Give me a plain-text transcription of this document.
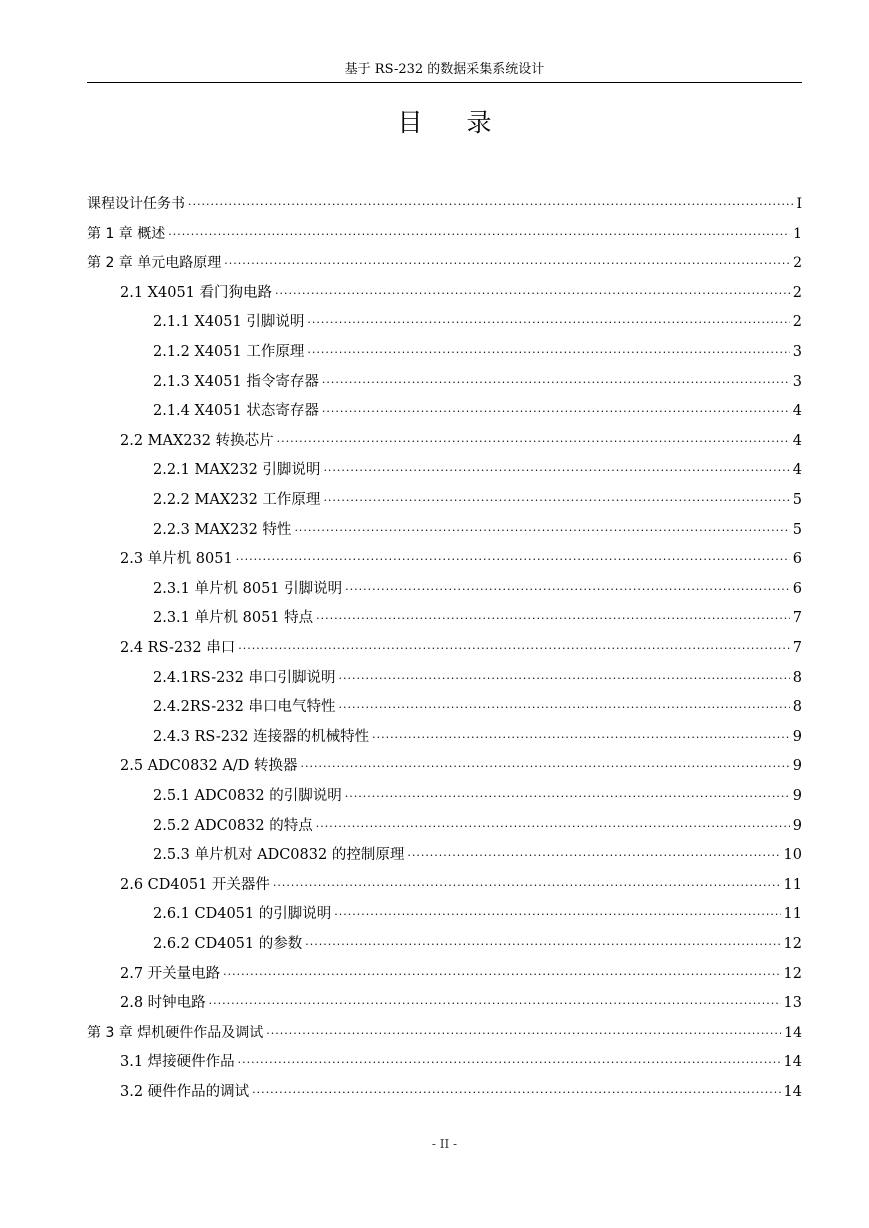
基于 RS-232 的数据采集系统设计
目录
课程设计任务书 ·····	I
第 1 章 概述 ·····	1
第 2 章 单元电路原理 ·····	2
2.1 X4051 看门狗电路 ·····	2
2.1.1 X4051 引脚说明 ·····	2
2.1.2 X4051 工作原理 ·····	3
2.1.3 X4051 指令寄存器 ·····	3
2.1.4 X4051 状态寄存器 ·····	4
2.2 MAX232 转换芯片 ·····	4
2.2.1 MAX232 引脚说明 ·····	4
2.2.2 MAX232 工作原理 ·····	5
2.2.3 MAX232 特性 ·····	5
2.3 单片机 8051 ·····	6
2.3.1 单片机 8051 引脚说明 ·····	6
2.3.1 单片机 8051 特点 ·····	7
2.4 RS-232 串口 ·····	7
2.4.1RS-232 串口引脚说明 ·····	8
2.4.2RS-232 串口电气特性 ·····	8
2.4.3 RS-232 连接器的机械特性 ·····	9
2.5 ADC0832 A/D 转换器 ·····	9
2.5.1 ADC0832 的引脚说明 ·····	9
2.5.2 ADC0832 的特点 ·····	9
2.5.3 单片机对 ADC0832 的控制原理 ·····	10
2.6 CD4051 开关器件 ·····	11
2.6.1 CD4051 的引脚说明 ·····	11
2.6.2 CD4051 的参数 ·····	12
2.7 开关量电路 ·····	12
2.8 时钟电路 ·····	13
第 3 章 焊机硬件作品及调试 ·····	14
3.1 焊接硬件作品 ·····	14
3.2 硬件作品的调试 ·····	14
- II -
